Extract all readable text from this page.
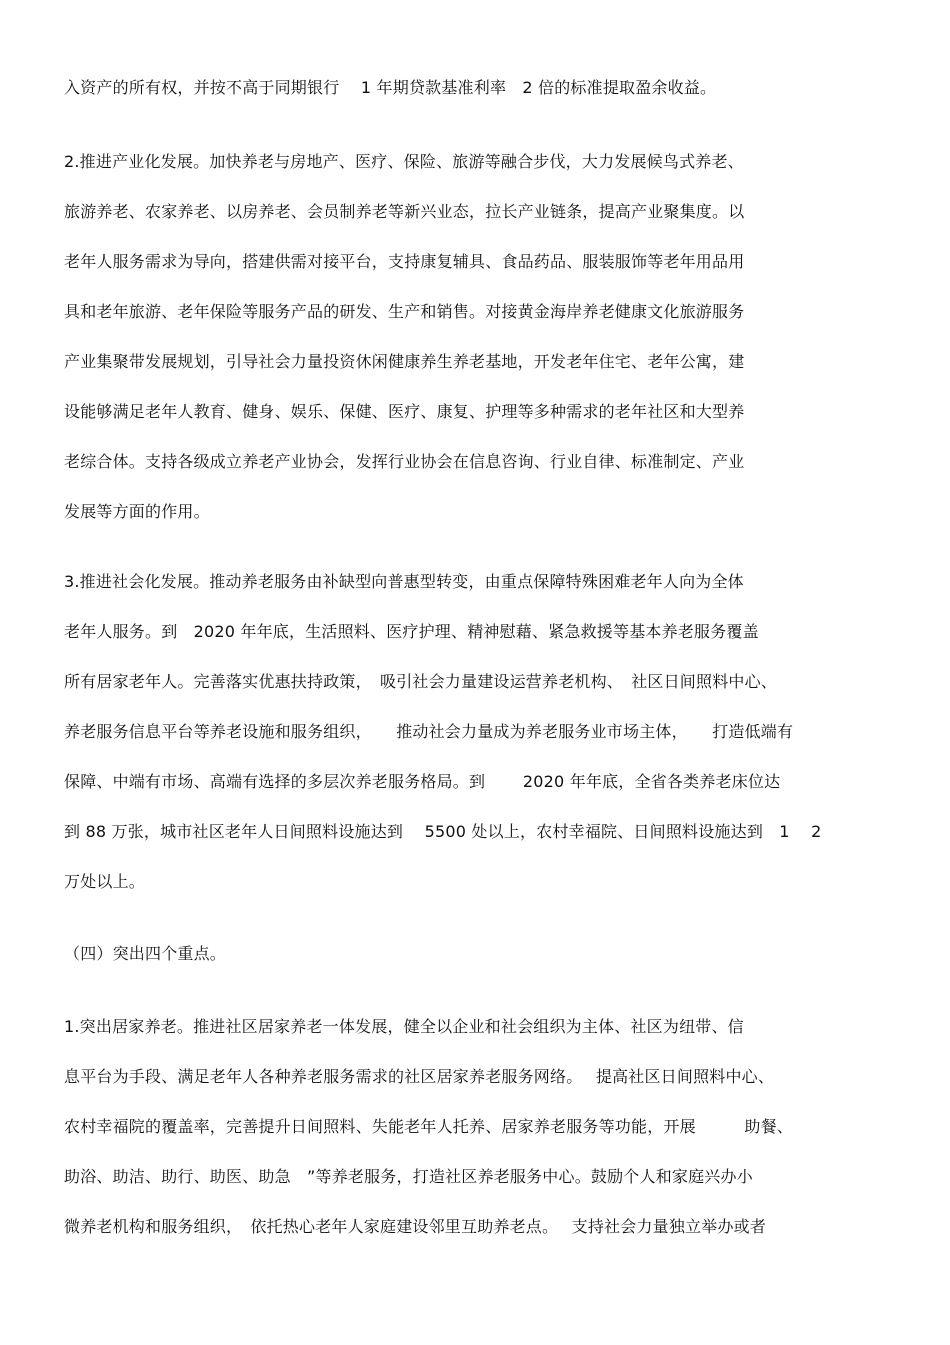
入资产的所有权，并按不高于同期银行　 1 年期贷款基准利率　2 倍的标准提取盈余收益。
2.推进产业化发展。加快养老与房地产、医疗、保险、旅游等融合步伐，大力发展候鸟式养老、
旅游养老、农家养老、以房养老、会员制养老等新兴业态，拉长产业链条，提高产业聚集度。以
老年人服务需求为导向，搭建供需对接平台，支持康复辅具、食品药品、服装服饰等老年用品用
具和老年旅游、老年保险等服务产品的研发、生产和销售。对接黄金海岸养老健康文化旅游服务
产业集聚带发展规划，引导社会力量投资休闲健康养生养老基地，开发老年住宅、老年公寓，建
设能够满足老年人教育、健身、娱乐、保健、医疗、康复、护理等多种需求的老年社区和大型养
老综合体。支持各级成立养老产业协会，发挥行业协会在信息咨询、行业自律、标准制定、产业
发展等方面的作用。
3.推进社会化发展。推动养老服务由补缺型向普惠型转变，由重点保障特殊困难老年人向为全体
老年人服务。到　2020 年年底，生活照料、医疗护理、精神慰藉、紧急救援等基本养老服务覆盖
所有居家老年人。完善落实优惠扶持政策，　吸引社会力量建设运营养老机构、　社区日间照料中心、
养老服务信息平台等养老设施和服务组织，　　推动社会力量成为养老服务业市场主体，　　打造低端有
保障、中端有市场、高端有选择的多层次养老服务格局。到　　 2020 年年底，全省各类养老床位达
到 88 万张，城市社区老年人日间照料设施达到　 5500 处以上，农村幸福院、日间照料设施达到　1　 2
万处以上。
（四）突出四个重点。
1.突出居家养老。推进社区居家养老一体发展，健全以企业和社会组织为主体、社区为纽带、信
息平台为手段、满足老年人各种养老服务需求的社区居家养老服务网络。　 提高社区日间照料中心、
农村幸福院的覆盖率，完善提升日间照料、失能老年人托养、居家养老服务等功能，开展　　　助餐、
助浴、助洁、助行、助医、助急　”等养老服务，打造社区养老服务中心。鼓励个人和家庭兴办小
微养老机构和服务组织，　依托热心老年人家庭建设邻里互助养老点。　 支持社会力量独立举办或者
